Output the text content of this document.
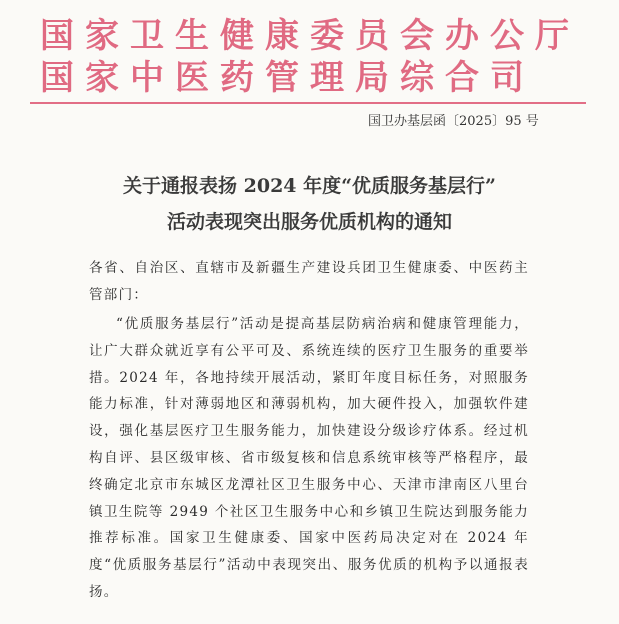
国家卫生健康委员会办公厅
国家中医药管理局综合司
国卫办基层函〔2025〕95 号
关于通报表扬 2024 年度“优质服务基层行”
活动表现突出服务优质机构的通知
各省、自治区、直辖市及新疆生产建设兵团卫生健康委、中医药主管部门：
“优质服务基层行”活动是提高基层防病治病和健康管理能力，让广大群众就近享有公平可及、系统连续的医疗卫生服务的重要举措。2024 年，各地持续开展活动，紧盯年度目标任务，对照服务能力标准，针对薄弱地区和薄弱机构，加大硬件投入，加强软件建设，强化基层医疗卫生服务能力，加快建设分级诊疗体系。经过机构自评、县区级审核、省市级复核和信息系统审核等严格程序，最终确定北京市东城区龙潭社区卫生服务中心、天津市津南区八里台镇卫生院等 2949 个社区卫生服务中心和乡镇卫生院达到服务能力推荐标准。国家卫生健康委、国家中医药局决定对在 2024 年度“优质服务基层行”活动中表现突出、服务优质的机构予以通报表扬。
